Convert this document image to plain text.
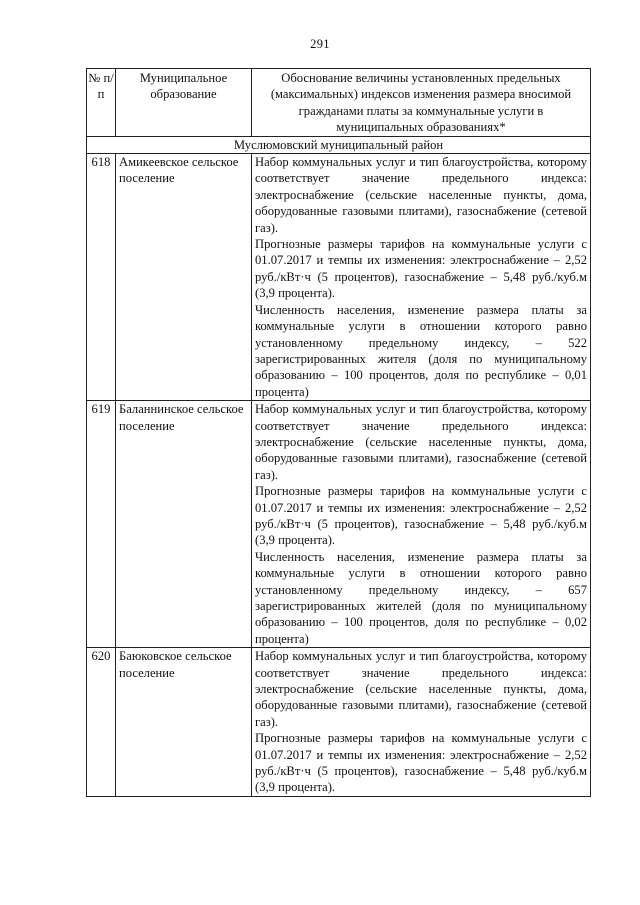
291
№ п/п	Муниципальное образование	Обоснование величины установленных предельных (максимальных) индексов изменения размера вносимой гражданами платы за коммунальные услуги в муниципальных образованиях*
Муслюмовский муниципальный район		
618	Амикеевское сельское поселение	Набор коммунальных услуг и тип благоустройства, которому соответствует значение предельного индекса: электроснабжение (сельские населенные пункты, дома, оборудованные газовыми плитами), газоснабжение (сетевой газ).

Прогнозные размеры тарифов на коммунальные услуги с 01.07.2017 и темпы их изменения: электроснабжение – 2,52 руб./кВт·ч (5 процентов), газоснабжение – 5,48 руб./куб.м (3,9 процента).

Численность населения, изменение размера платы за коммунальные услуги в отношении которого равно установленному предельному индексу, – 522 зарегистрированных жителя (доля по муниципальному образованию – 100 процентов, доля по республике – 0,01 процента)

619	Баланнинское сельское поселение	Набор коммунальных услуг и тип благоустройства, которому соответствует значение предельного индекса: электроснабжение (сельские населенные пункты, дома, оборудованные газовыми плитами), газоснабжение (сетевой газ).

Прогнозные размеры тарифов на коммунальные услуги с 01.07.2017 и темпы их изменения: электроснабжение – 2,52 руб./кВт·ч (5 процентов), газоснабжение – 5,48 руб./куб.м (3,9 процента).

Численность населения, изменение размера платы за коммунальные услуги в отношении которого равно установленному предельному индексу, – 657 зарегистрированных жителей (доля по муниципальному образованию – 100 процентов, доля по республике – 0,02 процента)

620	Баюковское сельское поселение	Набор коммунальных услуг и тип благоустройства, которому соответствует значение предельного индекса: электроснабжение (сельские населенные пункты, дома, оборудованные газовыми плитами), газоснабжение (сетевой газ).

Прогнозные размеры тарифов на коммунальные услуги с 01.07.2017 и темпы их изменения: электроснабжение – 2,52 руб./кВт·ч (5 процентов), газоснабжение – 5,48 руб./куб.м (3,9 процента).
